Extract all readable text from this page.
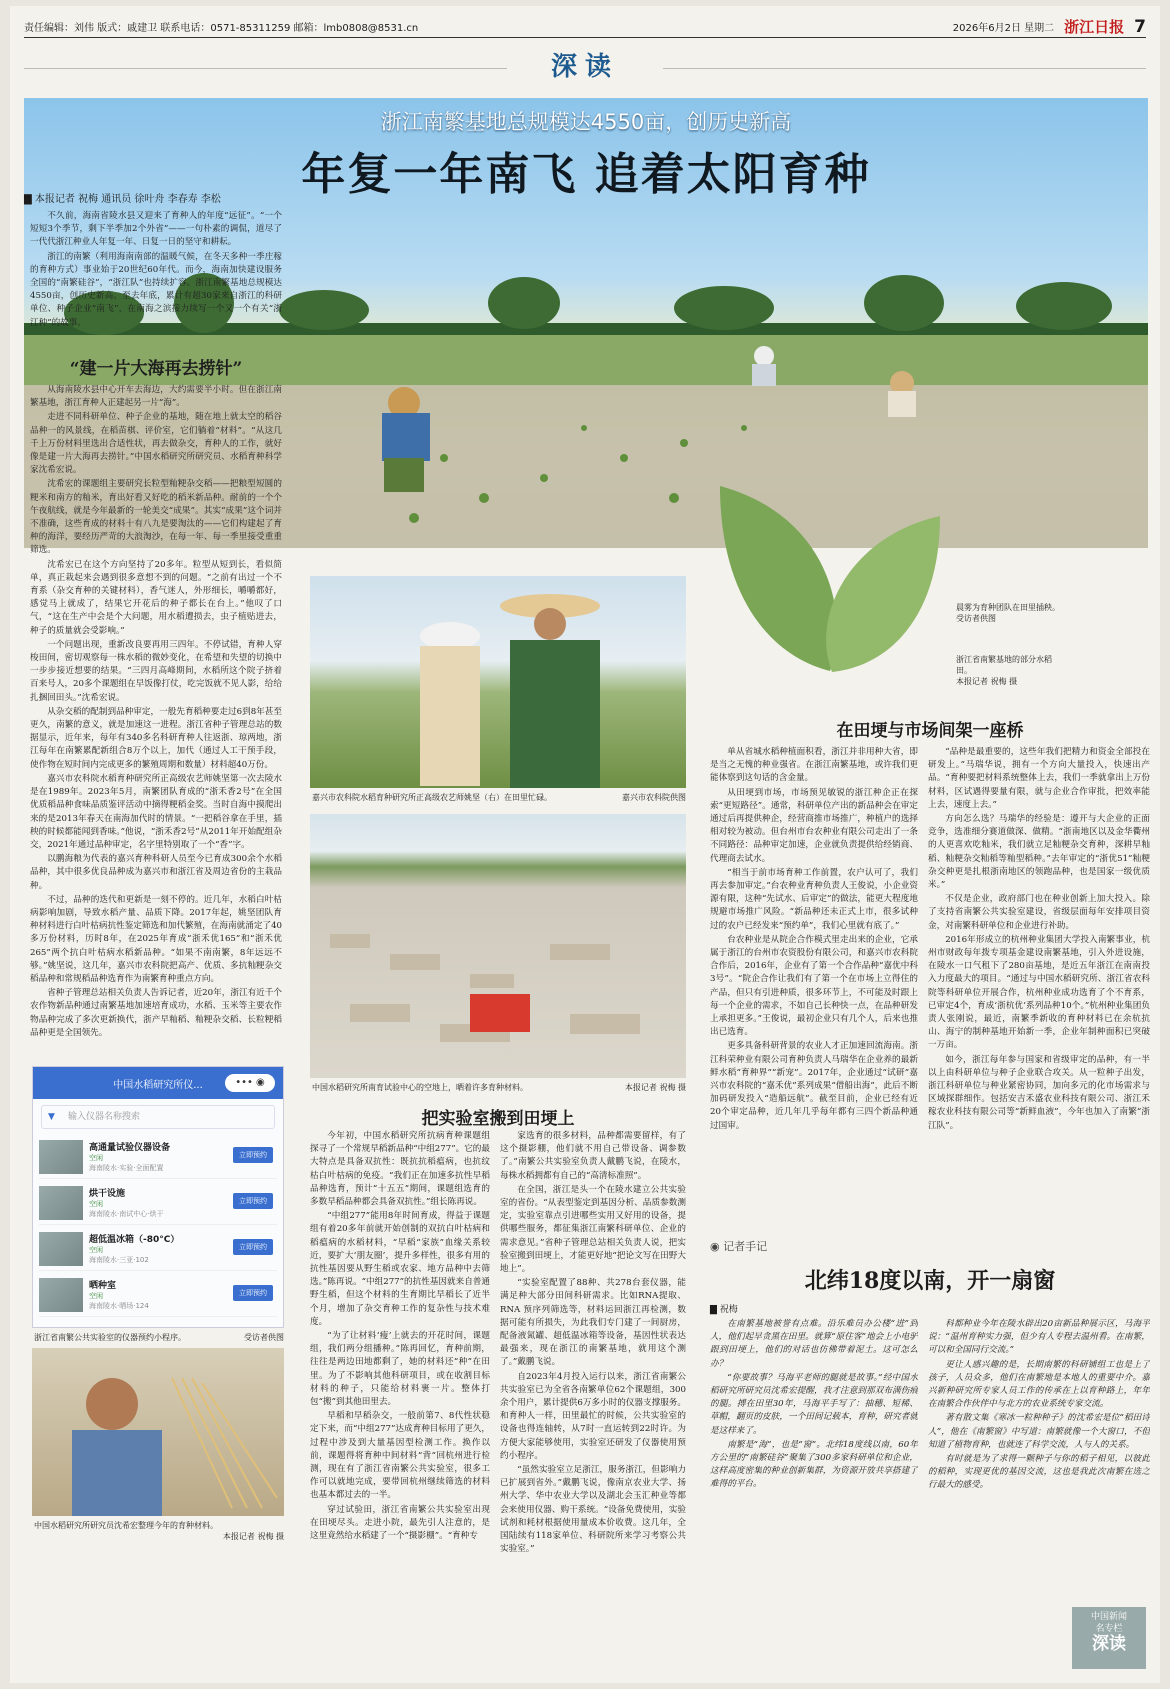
责任编辑：刘伟 版式：戚建卫 联系电话：0571-85311259 邮箱：lmb0808@8531.cn	2026年6月2日 星期二 浙江日报 7
深读
浙江南繁基地总规模达4550亩，创历史新高
年复一年南飞 追着太阳育种
▇ 本报记者 祝梅 通讯员 徐叶舟 李春寿 李松

不久前，海南省陵水县又迎来了育种人的年度“远征”。“一个短短3个季节，剩下半季加2个外省”——一句朴素的调侃，道尽了一代代浙江种业人年复一年、日复一日的坚守和耕耘。

浙江的南繁（利用海南南部的温暖气候，在冬天多种一季庄稼的育种方式）事业始于20世纪60年代。而今，海南加快建设服务全国的“南繁硅谷”，“浙江队”也持续扩容。浙江南繁基地总规模达4550亩，创历史新高。至去年底，累计有超30家来自浙江的科研单位、种子企业“南飞”，在南海之滨接力续写一个又一个有关“浙江种”的故事。

“建一片大海再去捞针”

从海南陵水县中心开车去海边，大约需要半小时。但在浙江南繁基地，浙江育种人正建起另一片“海”。

走进不同科研单位、种子企业的基地，随在地上就太空的稻谷品种一的风景线，在稻苗棋、评价室，它们躺着“材料”。“从这几千上万份材料里选出合适性状，再去做杂交，育种人的工作，就好像是建一片大海再去捞针。”中国水稻研究所研究员、水稻育种科学家沈希宏说。

沈希宏的课题组主要研究长粒型籼粳杂交稻——把粮型短圆的粳米和南方的籼米，育出好看又好吃的稻米新品种。耐前的一个个午夜航线，就是今年最新的一轮美交“成果”。其实“成果”这个词并不准确，这些育成的材料十有八九是要淘汰的——它们构建起了育种的海洋，要经历严苛的大浪淘沙，在每一年、每一季里接受重重筛选。

沈希宏已在这个方向坚持了20多年。粒型从短到长，看似简单，真正栽起来会遇到很多意想不到的问题。“之前有出过一个不育系（杂交育种的关键材料），香气迷人，外形细长，嚼嚼都好，感觉马上就成了，结果它开花后的种子都长在台上。”他叹了口气，“这在生产中会是个大问题，用水稻遭损去，虫子植贴进去，种子的质量就会受影响。”

一个问题出现，重新改良要再用三四年。不停试错，育种人穿梭田间，密切观察每一株水稻的微妙变化，在希望和失望的切换中一步步接近想要的结果。“三四月高峰期间，水稻所这个院子挤着百来号人，20多个课题组在早饭像打仗，吃完饭就不见人影，给给扎捆回田头。”沈希宏说。

从杂交稻的配制到品种审定，一般先育稻种要走过6到8年甚至更久，南繁的意义，就是加速这一进程。浙江省种子管理总站的数据显示，近年来，每年有340多名科研育种人往返浙、琼两地，浙江每年在南繁累配新组合8万个以上，加代（通过人工干预手段，使作物在短时间内完成更多的繁殖周期和数量）材料超40万份。

嘉兴市农科院水稻育种研究所正高级农艺师姚坚第一次去陵水是在1989年。2023年5月，南繁团队育成的“浙禾香2号”在全国优质稻品种食味品质鉴评活动中摘得粳稻金奖。当时自海中摸爬出来的是2013年春天在南海加代时的情景。“一把稻谷拿在手里，插秧的时候都能闻到香味。”他说，“浙禾香2号”从2011年开始配组杂交，2021年通过品种审定，名字里特别取了一个“香”字。

以鹏海粮为代表的嘉兴育种科研人员至今已育成300余个水稻品种，其中很多优良品种成为嘉兴市和浙江省及周边省份的主栽品种。

不过，品种的迭代和更新是一刻不停的。近几年，水稻白叶枯病影响加剧，导致水稻产量、品质下降。2017年起，姚坚团队育种材料进行白叶枯病抗性鉴定筛选和加代繁殖，在海南就涌定了40多万份材料，历时8年，在2025年育成“浙禾优165”和“浙禾优265”两个抗白叶枯病水稻新品种。“如果不南南繁，8年远远不够。”姚坚说，这几年，嘉兴市农科院把高产、优质、多抗籼粳杂交稻品种和常规稻品种选育作为南繁育种重点方向。

省种子管理总站相关负责人告诉记者，近20年，浙江有近千个农作物新品种通过南繁基地加速培育成功，水稻、玉米等主要农作物品种完成了多次更新换代，浙产早籼稻、籼粳杂交稻、长粒粳稻品种更是全国领先。

中国水稻研究所仪...	••• ◉
▼ 输入仪器名称搜索
高通量试验仪器设备
空闲
海南陵水·实验·全面配置
立即预约
烘干设施
空闲
海南陵水·南试中心·烘干
立即预约
超低温冰箱（-80°C）
空闲
海南陵水·三亚·102
立即预约
晒种室
空闲
海南陵水·晒场·124
立即预约
浙江省南繁公共实验室的仪器预约小程序。	受访者供图
中国水稻研究所研究员沈希宏整理今年的育种材料。

本报记者 祝梅 摄
嘉兴市农科院水稻育种研究所正高级农艺师姚坚（右）在田里忙碌。	嘉兴市农科院供图
中国水稻研究所南育试验中心的空地上，晒着许多育种材料。	本报记者 祝梅 摄
晨雾为育种团队在田里插秧。
受访者供图
浙江省南繁基地的部分水稻田。
本报记者 祝梅 摄
把实验室搬到田埂上

今年初，中国水稻研究所抗病育种课题组探寻了一个常规早稻新品种“中组277”。它的最大特点是具备双抗性：既抗抗稻瘟病，也抗纹枯白叶枯病的免疫。“我们正在加速多抗性早稻品种选育，预计“十五五”期间，课题组选育的多数早稻品种都会具备双抗性。”组长陈再说。

“中组277”能用8年时间育成，得益于课题组有着20多年前就开始创制的双抗白叶枯病和稻瘟病的水稻材料，“早稻“家族”血缘关系较近，要扩大‘朋友圈’，提升多样性，很多有用的抗性基因要从野生稻或农家、地方品种中去筛选。”陈再说。“中组277”的抗性基因就来自普通野生稻，但这个材料的生育期比早稻长了近半个月，增加了杂交育种工作的复杂性与技术难度。

“为了让材料‘瘦’上就去的开花时间，课题组，我们两分组播种。”陈再回忆，育种前期，往往是两边田地都剩了，她的材料还“种”在田里。为了不影响其他科研项目，或在收割目标材料的种子，只能给材料裹一片。整体打包“搬”到其他田里去。

早稻和早稻杂交，一般前第7、8代性状稳定下来，而“中组277”达成育种目标用了更久，过程中涉及到大量基因型检测工作。换作以前，课题得将育种中间材料“背”回杭州进行检测，现在有了浙江省南繁公共实验室，很多工作可以就地完成，要带回杭州继续筛选的材料也基本都过去的一半。

穿过试验田，浙江省南繁公共实验室出现在田埂尽头。走进小院，最先引人注意的，是这里竟然给水稻建了一个“摄影棚”。“育种专

家选育的很多材料，品种都需要留样，有了这个摄影棚，他们就不用自己带设备、调参数了。”南繁公共实验室负责人戴鹏飞说，在陵水，每株水稻拥都有自己的“高清标准照”。

在全国，浙江是头一个在陵水建立公共实验室的省份。“从表型鉴定到基因分析、品质参数测定，实验室靠点引进哪些实用又好用的设备，提供哪些服务，都征集浙江南繁科研单位、企业的需求意见。”省种子管理总站相关负责人说，把实验室搬到田埂上，才能更好地“把论文写在田野大地上”。

“实验室配置了88种、共278台套仪器，能满足种大部分田间科研需求。比如RNA提取、RNA 预序列筛选等，材料运回浙江再检测，数据可能有所损失，为此我们专门建了一间厨房，配备液氮罐、超低温冰箱等设备，基因性状表达最强来，现在浙江的南繁基地，就用这个测了。”戴鹏飞说。

自2023年4月投入运行以来，浙江省南繁公共实验室已为全省各南繁单位62个课题组，300余个用户，累计提供6万多小时的仪器支撑服务。和育种人一样，田里最忙的时候，公共实验室的设备也得连轴转，从7时一直运转到22时许。为方便大家能够使用，实验室还研发了仪器使用预约小程序。

“虽然实验室立足浙江，服务浙江，但影响力已扩展到省外。”戴鹏飞说，像南京农业大学、扬州大学、华中农业大学以及湖北会玉汇种业等都会来使用仪器、购干系统。“设备免费使用，实验试剂和耗材根据使用量成本价收费。这几年，全国陆续有118家单位、科研院所来学习考察公共实验室。”

在田埂与市场间架一座桥

单从省城水稻种植面积看，浙江并非用种大省，即是当之无愧的种业强省。在浙江南繁基地，或许我们更能体察到这句话的含金量。

从田埂到市场，市场预见敏锐的浙江种企正在探索“更短路径”。通常，科研单位产出的新品种会在审定通过后再提供种企，经营商推市场推广，种植户的选择相对较为被动。但台州市台农种业有限公司走出了一条不同路径：品种审定加速，企业就负责提供给经销商、代理商去试水。

“相当于前市场育种工作前置，农户认可了，我们再去参加审定。”台农种业育种负责人王俊说，小企业资源有限，这种“先试水、后审定”的做法，能更大程度地规避市场推广风险。“新品种还未正式上市，很多试种过的农户已经发来“预约单”，我们心里就有底了。”

台农种业是从院企合作模式里走出来的企业，它承属于浙江的台州市农资股份有限公司，和嘉兴市农科院合作后，2016年，企业有了第一个合作品种“嘉优中科3号”。“院企合作让我们有了第一个在市场上立得住的产品，但只有引进种质，很多环节上，不可能及时跟上每一个企业的需求，不如自己长种快一点，在品种研发上承担更多。”王俊说，最初企业只有几个人，后来也推出已选育。

更多具备科研背景的农业人才正加速回流海南。浙江科荣种业有限公司育种负责人马瑞华在企业养的最新鲜水稻“育种界”“新宠”。2017年，企业通过“试研”嘉兴市农科院的“嘉禾优”系列成果“借船出海”，此后不断加码研发投入“造船远航”。截至目前，企业已经有近20个审定品种，近几年几乎每年都有三四个新品种通过国审。

“品种是最重要的，这些年我们把精力和资金全部投在研发上。”马瑞华说，拥有一个方向大量投入，快速出产品。“育种要把材料系统整体上去，我们一季就拿出上万份材料，区试遇得要量有限，就与企业合作审批，把效率能上去，速度上去。”

方向怎么选？马瑞华的经验是：遵开与大企业的正面竞争，选准细分赛道做深、做精。“浙南地区以及金华衢州的人更喜欢吃籼米，我们就立足籼粳杂交育种，深耕早籼稻、籼粳杂交籼稻等籼型稻种。”去年审定的“浙优51”籼粳杂交种更是扎根浙南地区的领跑品种，也是国家一级优质米。”

不仅是企业，政府部门也在种业创新上加大投入。除了支持省南繁公共实验室建设，省级层面每年安排项目资金，对南繁科研单位和企业进行补助。

2016年形成立的杭州种业集团大学投入南繁事业，杭州市财政每年拨专项基金建设南繁基地，引入外进设施，在陵水一口气租下了280亩基地，是近五年浙江在南南投入力度最大的项目。“通过与中国水稻研究所、浙江省农科院等科研单位开展合作，杭州种业成功选育了个不育系，已审定4个，育成‘浙杭优’系列品种10个。”杭州种业集团负责人张刚说，最近，南繁季新收的育种材料已在余杭抗山、海宁的制种基地开始新一季，企业年制种面积已突破一万亩。

如今，浙江每年参与国家和省级审定的品种，有一半以上由科研单位与种子企业联合攻关。从一粒种子出发，浙江科研单位与种业紧密协同，加向多元的化市场需求与区域探群细作。包括安吉禾盛农业科技有限公司、浙江禾稼农业科技有限公司等“新鲜血液”，今年也加入了南繁“浙江队”。

◉ 记者手记
北纬18度以南，开一扇窗
▇ 祝梅

在南繁基地被誉有点难。沿乐难员办公楼“进”到人，他们起早贪黑在田里。就算“原住客”地会上小电驴跟到田埂上，他们的对话也仿佛带着泥土。这可怎么办？

“你要故事？马海平老师的腿就是故事。”经中国水稻研究所研究员沈希宏提醒，我才注意到那双布满伤痕的腿。搏在田里30年，马海平手写了：抽穗、短稀、草帽，翻页的皮肤，一个田间记载本，育种，研究者就是这样来了。

南繁是“海”，也是“窗”。北纬18度线以南，60年方公里的“南繁硅谷”聚集了300多家科研单位和企业，这样高度密集的种业创新集群，为资源开放共享搭建了难得的平台。

科都种业今年在陵水辟出20亩新品种展示区，马海平说：“温州育种实力强，但少有人专程去温州看。在南繁，可以和全国同行交流。”

更让人感兴趣的是，长期南繁的科研铺组工也是上了孩子，人员众多，他们在南繁地是本地人的重要中介。嘉兴新种研究所专家人员工作的传承在上以育种路上，年年在南繁合作伙伴中与北方的农业系统专家交流。

著有散文集《寒冰一粒种种子》的沈希宏是位“稻田诗人”，他在《南繁窗》中写道：南繁就像一个大窗口，不但知道了植物育种，也就连了科学交流，人与人的关系。

有时就是为了求得一颗种子与你的稻子相见，以彼此的稻种，实现更优的基因交流，这也是我此次南繁在选之行最大的感受。

中国新闻
名专栏
深读
